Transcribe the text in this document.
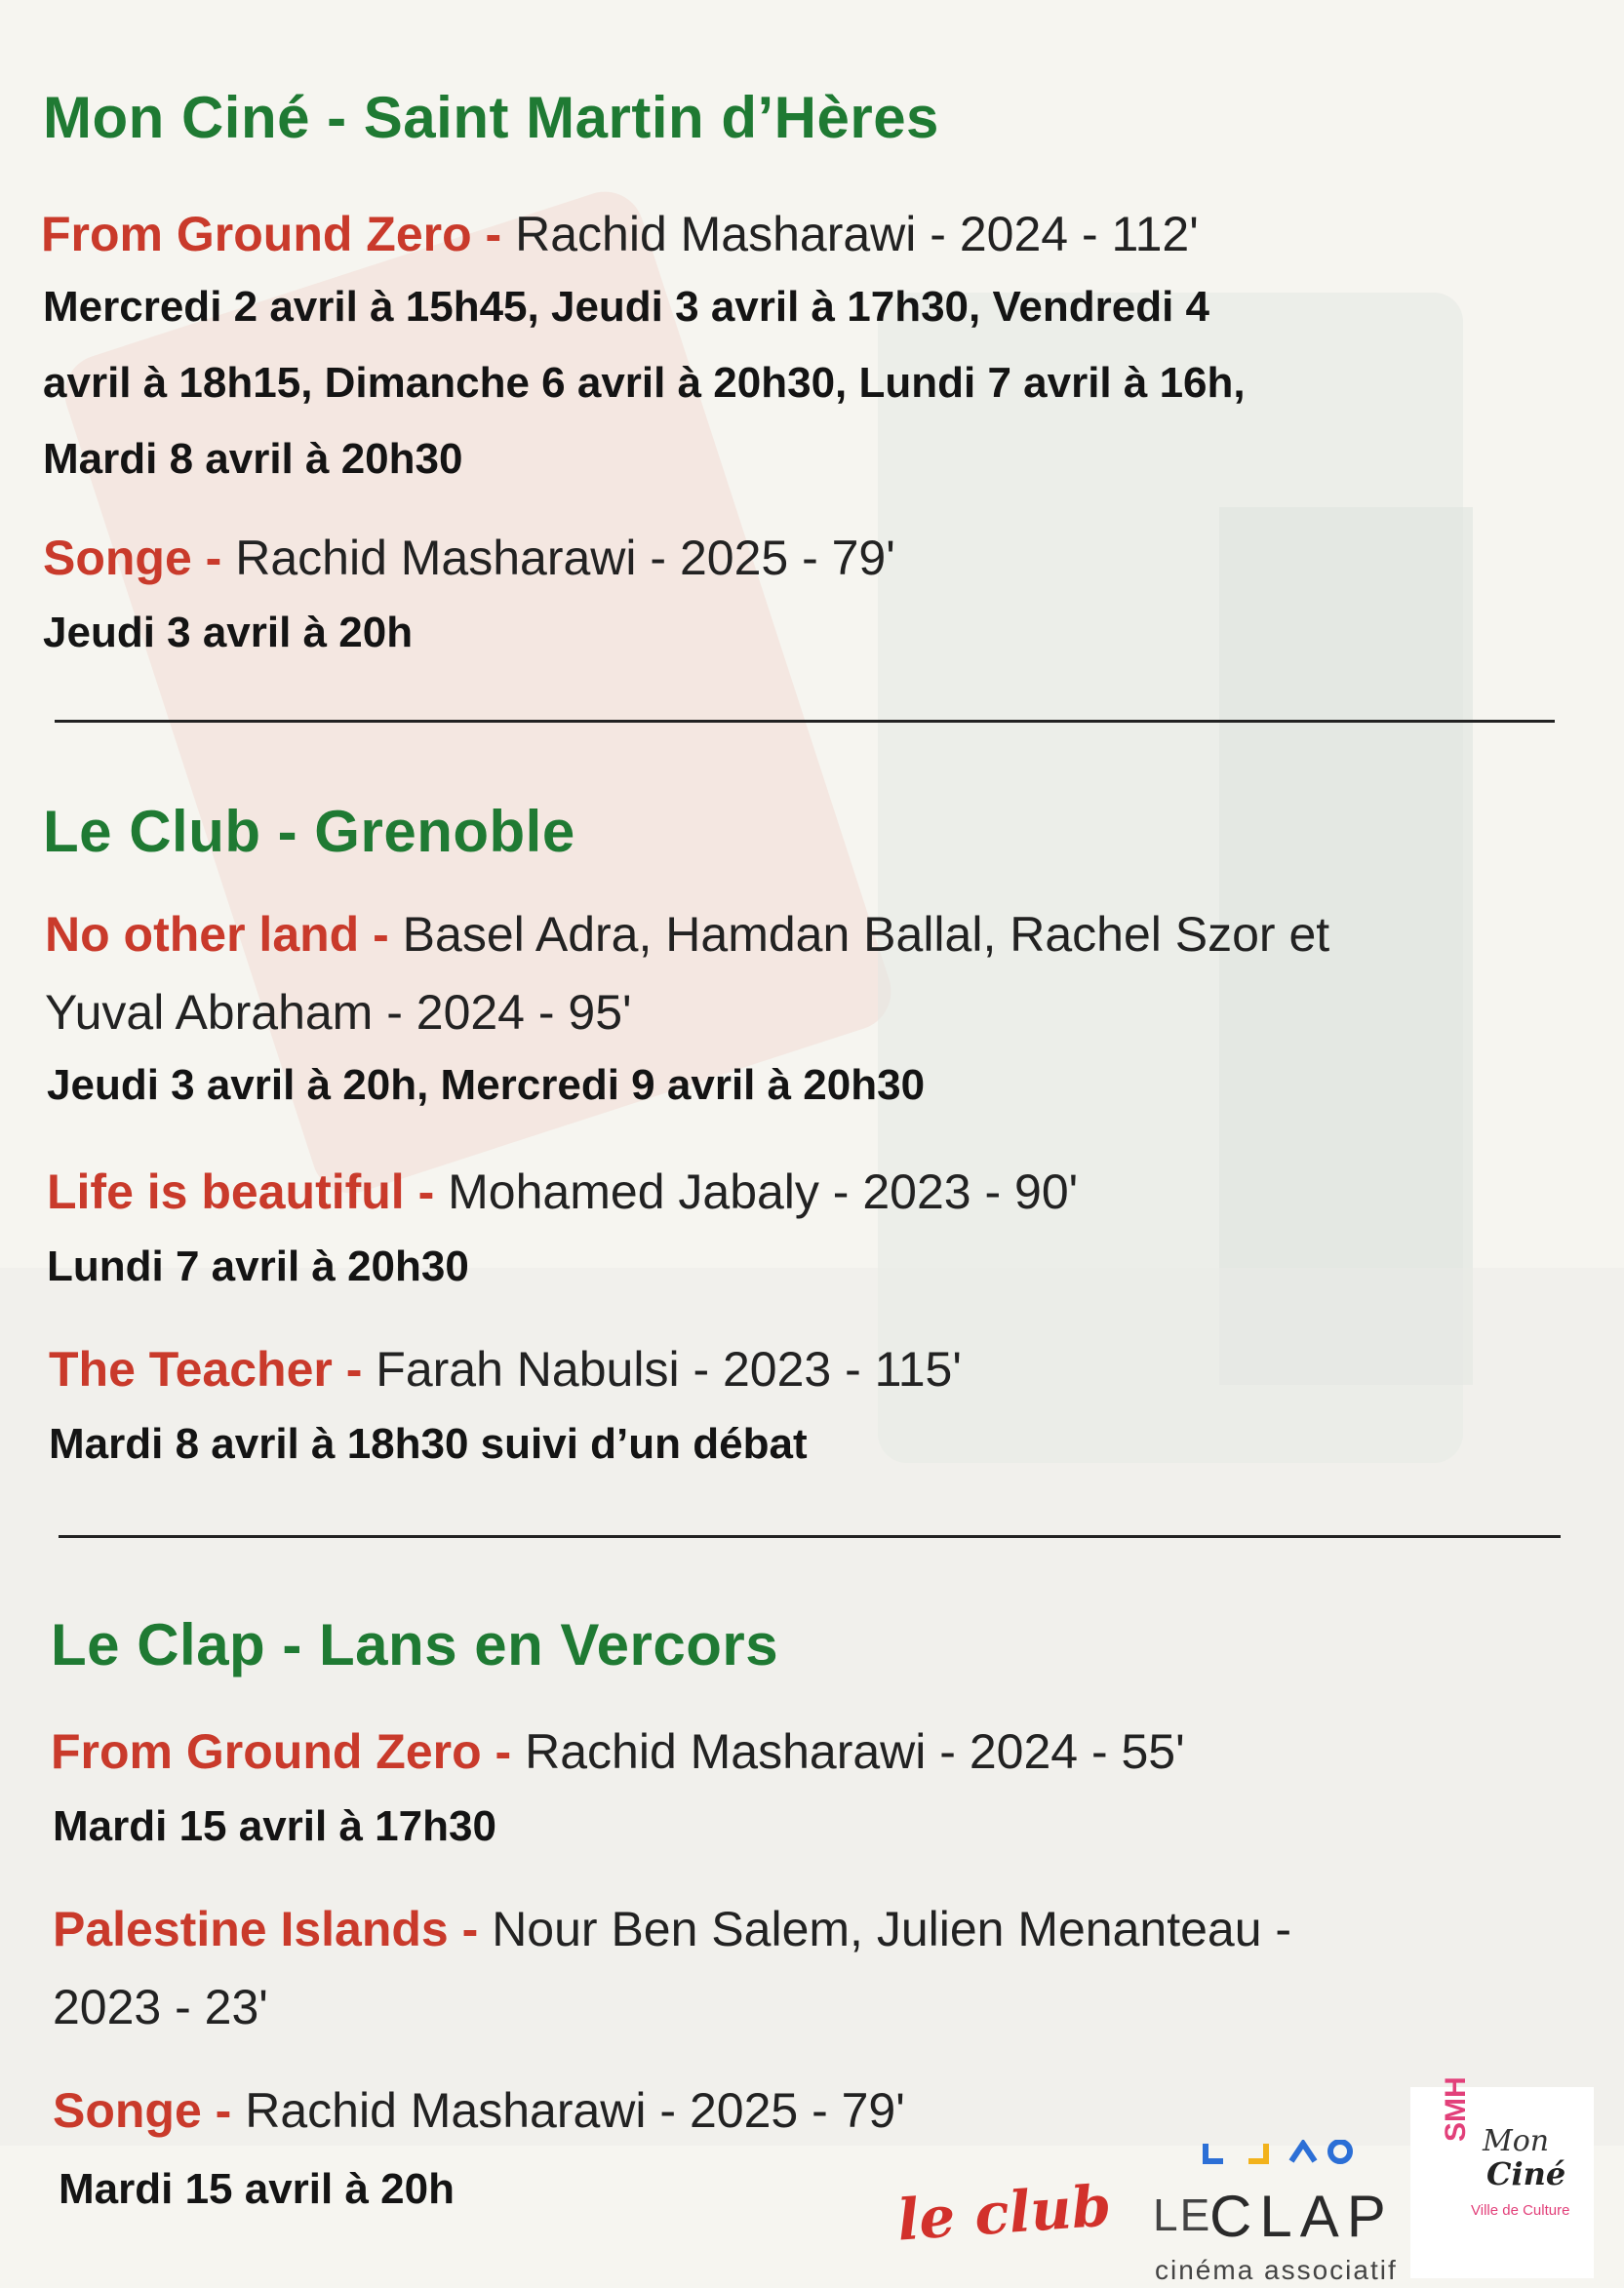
Mon Ciné - Saint Martin d’Hères
From Ground Zero - Rachid Masharawi - 2024 - 112'
Mercredi 2 avril à 15h45, Jeudi 3 avril à 17h30, Vendredi 4
avril à 18h15, Dimanche 6 avril à 20h30, Lundi 7 avril à 16h,
Mardi 8 avril à 20h30
Songe - Rachid Masharawi - 2025 - 79'
Jeudi 3 avril à 20h
Le Club - Grenoble
No other land - Basel Adra, Hamdan Ballal, Rachel Szor et
Yuval Abraham - 2024 - 95'
Jeudi 3 avril à 20h, Mercredi 9 avril à 20h30
Life is beautiful - Mohamed Jabaly - 2023 - 90'
Lundi 7 avril à 20h30
The Teacher - Farah Nabulsi - 2023 - 115'
Mardi 8 avril à 18h30 suivi d’un débat
Le Clap - Lans en Vercors
From Ground Zero - Rachid Masharawi - 2024 - 55'
Mardi 15 avril à 17h30
Palestine Islands - Nour Ben Salem, Julien Menanteau -
2023 - 23'
Songe - Rachid Masharawi - 2025 - 79'
Mardi 15 avril à 20h	le club LE
CLAP
cinéma associatif
SMH Mon
Ciné
Ville de Culture
